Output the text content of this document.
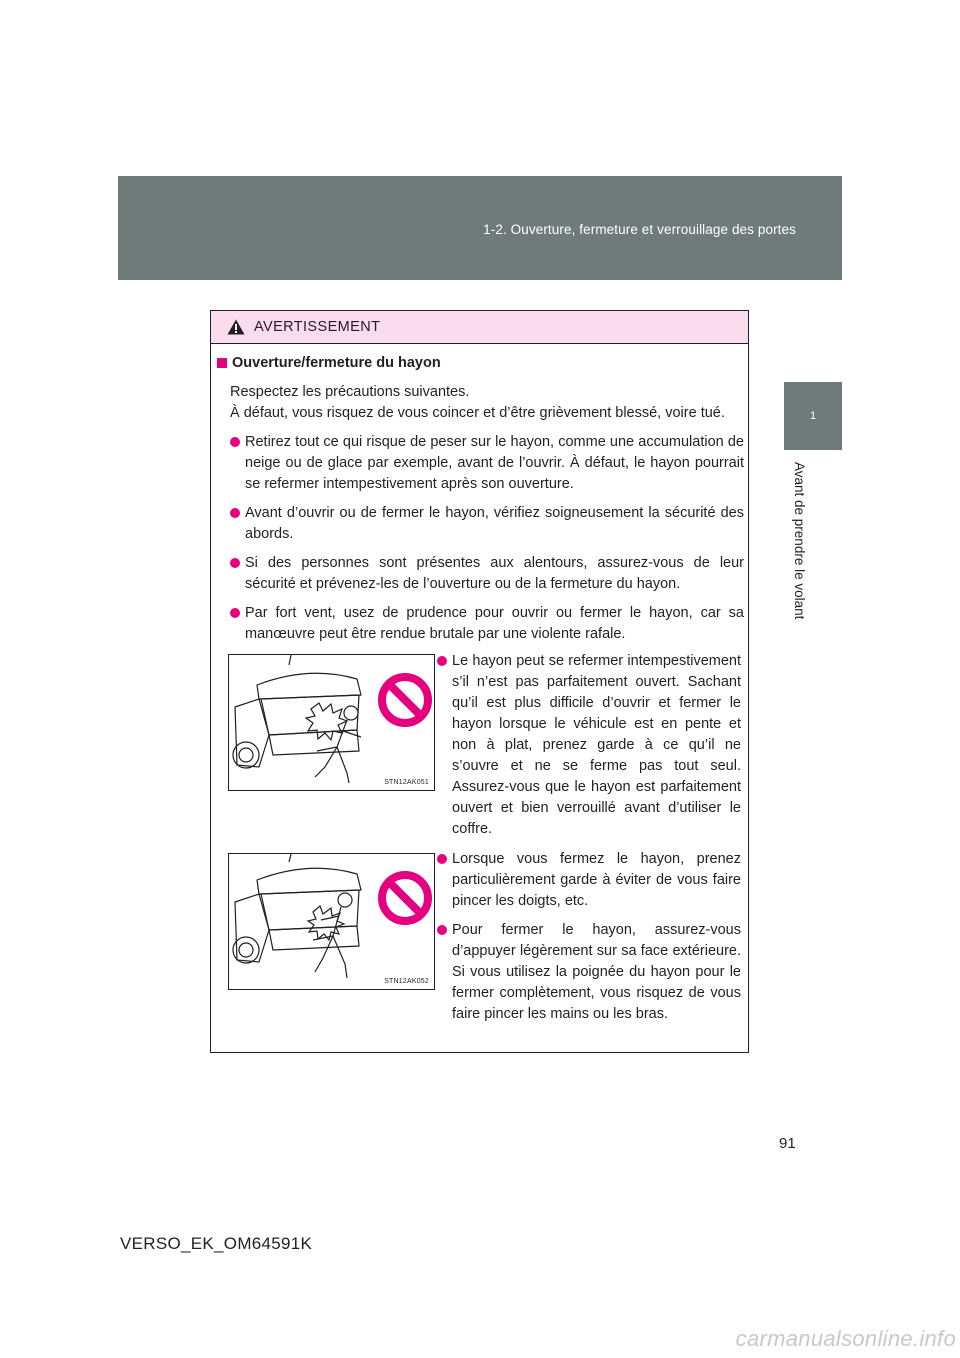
1-2. Ouverture, fermeture et verrouillage des portes
1
Avant de prendre le volant
AVERTISSEMENT
Ouverture/fermeture du hayon
Respectez les précautions suivantes.
À défaut, vous risquez de vous coincer et d’être grièvement blessé, voire tué.
Retirez tout ce qui risque de peser sur le hayon, comme une accumulation de neige ou de glace par exemple, avant de l’ouvrir. À défaut, le hayon pourrait se refermer intempestivement après son ouverture.
Avant d’ouvrir ou de fermer le hayon, vérifiez soigneusement la sécurité des abords.
Si des personnes sont présentes aux alentours, assurez-vous de leur sécurité et prévenez-les de l’ouverture ou de la fermeture du hayon.
Par fort vent, usez de prudence pour ouvrir ou fermer le hayon, car sa manœuvre peut être rendue brutale par une violente rafale.
STN12AK051
Le hayon peut se refermer intempestivement s’il n’est pas parfaitement ouvert. Sachant qu’il est plus difficile d’ouvrir et fermer le hayon lorsque le véhicule est en pente et non à plat, prenez garde à ce qu’il ne s’ouvre et ne se ferme pas tout seul. Assurez-vous que le hayon est parfaitement ouvert et bien verrouillé avant d’utiliser le coffre.
STN12AK052
Lorsque vous fermez le hayon, prenez particulièrement garde à éviter de vous faire pincer les doigts, etc.
Pour fermer le hayon, assurez-vous d’appuyer légèrement sur sa face extérieure. Si vous utilisez la poignée du hayon pour le fermer complètement, vous risquez de vous faire pincer les mains ou les bras.
91
VERSO_EK_OM64591K
carmanualsonline.info
